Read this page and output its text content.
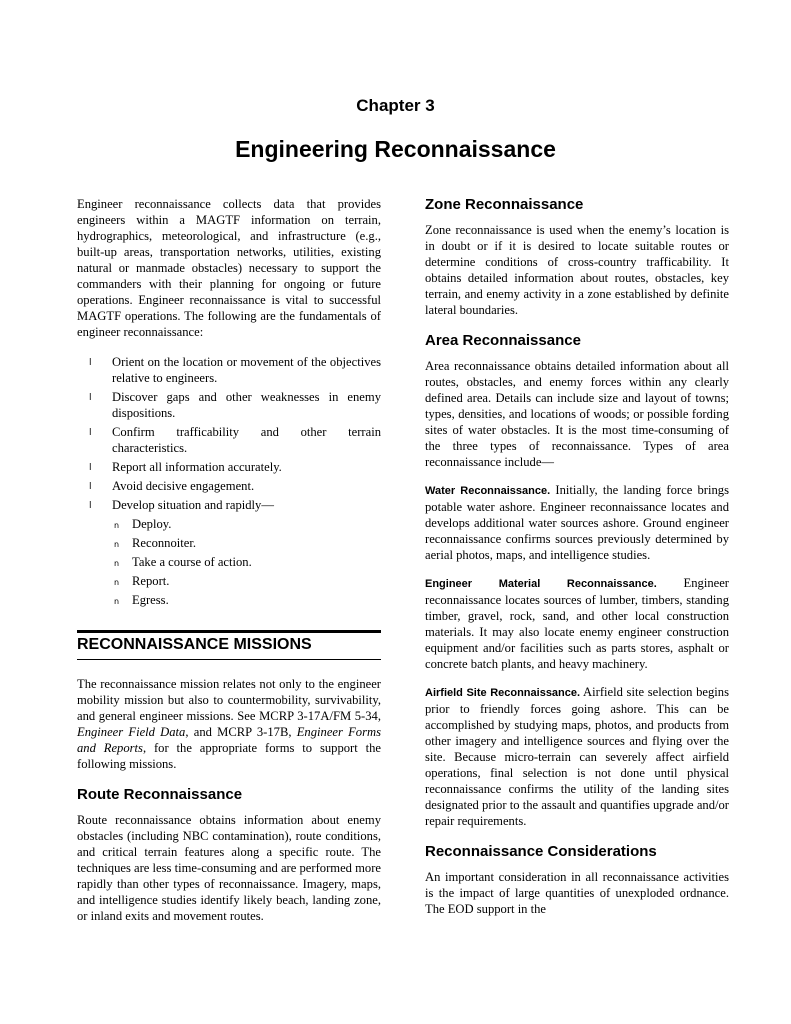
Chapter 3
Engineering Reconnaissance

Engineer reconnaissance collects data that provides engineers within a MAGTF information on terrain, hydrographics, meteorological, and infrastructure (e.g., built-up areas, transportation networks, utilities, existing natural or manmade obstacles) necessary to support the commanders with their planning for ongoing or future operations. Engineer reconnaissance is vital to successful MAGTF operations. The following are the fundamentals of engineer reconnaissance:

l Orient on the location or movement of the objectives relative to engineers.
l Discover gaps and other weaknesses in enemy dispositions.
l Confirm trafficability and other terrain characteristics.
l Report all information accurately.
l Avoid decisive engagement.
l Develop situation and rapidly—
n Deploy.
n Reconnoiter.
n Take a course of action.
n Report.
n Egress.
RECONNAISSANCE MISSIONS

The reconnaissance mission relates not only to the engineer mobility mission but also to countermobility, survivability, and general engineer missions. See MCRP 3-17A/FM 5-34, Engineer Field Data, and MCRP 3-17B, Engineer Forms and Reports, for the appropriate forms to support the following missions.

Route Reconnaissance

Route reconnaissance obtains information about enemy obstacles (including NBC contamination), route conditions, and critical terrain features along a specific route. The techniques are less time-consuming and are performed more rapidly than other types of reconnaissance. Imagery, maps, and intelligence studies identify likely beach, landing zone, or inland exits and movement routes.

Zone Reconnaissance

Zone reconnaissance is used when the enemy’s location is in doubt or if it is desired to locate suitable routes or determine conditions of cross-country trafficability. It obtains detailed information about routes, obstacles, key terrain, and enemy activity in a zone established by definite lateral boundaries.

Area Reconnaissance

Area reconnaissance obtains detailed information about all routes, obstacles, and enemy forces within any clearly defined area. Details can include size and layout of towns; types, densities, and locations of woods; or possible fording sites of water obstacles. It is the most time-consuming of the three types of reconnaissance. Types of area reconnaissance include—

Water Reconnaissance. Initially, the landing force brings potable water ashore. Engineer reconnaissance locates and develops additional water sources ashore. Ground engineer reconnaissance confirms sources previously determined by aerial photos, maps, and intelligence studies.

Engineer Material Reconnaissance. Engineer reconnaissance locates sources of lumber, timbers, standing timber, gravel, rock, sand, and other local construction materials. It may also locate enemy engineer construction equipment and/or facilities such as parts stores, asphalt or concrete batch plants, and heavy machinery.

Airfield Site Reconnaissance. Airfield site selection begins prior to friendly forces going ashore. This can be accomplished by studying maps, photos, and products from other imagery and intelligence sources and flying over the site. Because micro-terrain can severely affect airfield operations, final selection is not done until physical reconnaissance confirms the utility of the landing sites designated prior to the assault and quantifies upgrade and/or repair requirements.

Reconnaissance Considerations

An important consideration in all reconnaissance activities is the impact of large quantities of unexploded ordnance. The EOD support in the
